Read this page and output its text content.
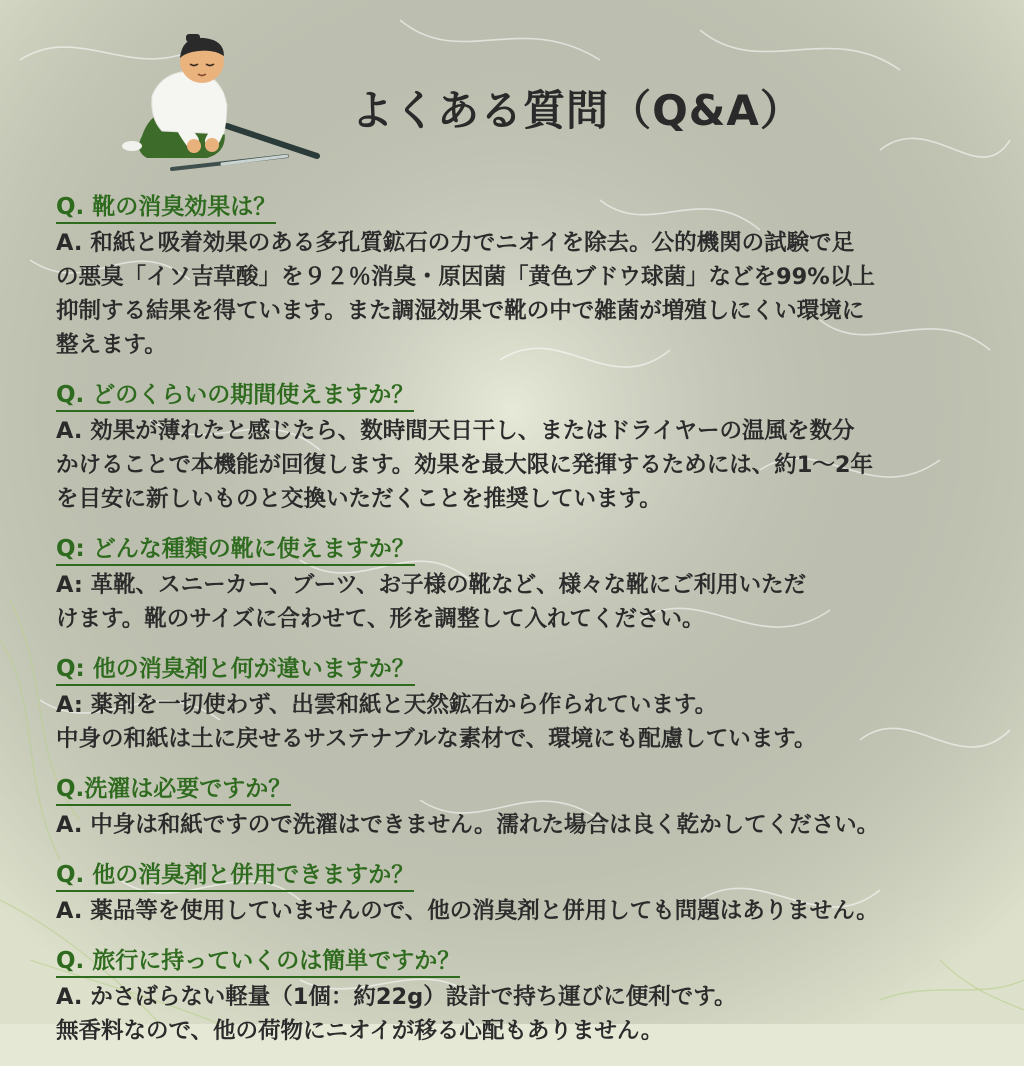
よくある質問（Q&A）
Q. 靴の消臭効果は？
A. 和紙と吸着効果のある多孔質鉱石の力でニオイを除去。公的機関の試験で足
の悪臭「イソ吉草酸」を９２％消臭・原因菌「黄色ブドウ球菌」などを99%以上
抑制する結果を得ています。また調湿効果で靴の中で雑菌が増殖しにくい環境に
整えます。
Q. どのくらいの期間使えますか？
A. 効果が薄れたと感じたら、数時間天日干し、またはドライヤーの温風を数分
かけることで本機能が回復します。効果を最大限に発揮するためには、約1〜2年
を目安に新しいものと交換いただくことを推奨しています。
Q: どんな種類の靴に使えますか？
A: 革靴、スニーカー、ブーツ、お子様の靴など、様々な靴にご利用いただ
けます。靴のサイズに合わせて、形を調整して入れてください。
Q: 他の消臭剤と何が違いますか？
A: 薬剤を一切使わず、出雲和紙と天然鉱石から作られています。
中身の和紙は土に戻せるサステナブルな素材で、環境にも配慮しています。
Q.洗濯は必要ですか？
A. 中身は和紙ですので洗濯はできません。濡れた場合は良く乾かしてください。
Q. 他の消臭剤と併用できますか？
A. 薬品等を使用していませんので、他の消臭剤と併用しても問題はありません。
Q. 旅行に持っていくのは簡単ですか？
A. かさばらない軽量（1個：約22g）設計で持ち運びに便利です。
無香料なので、他の荷物にニオイが移る心配もありません。
